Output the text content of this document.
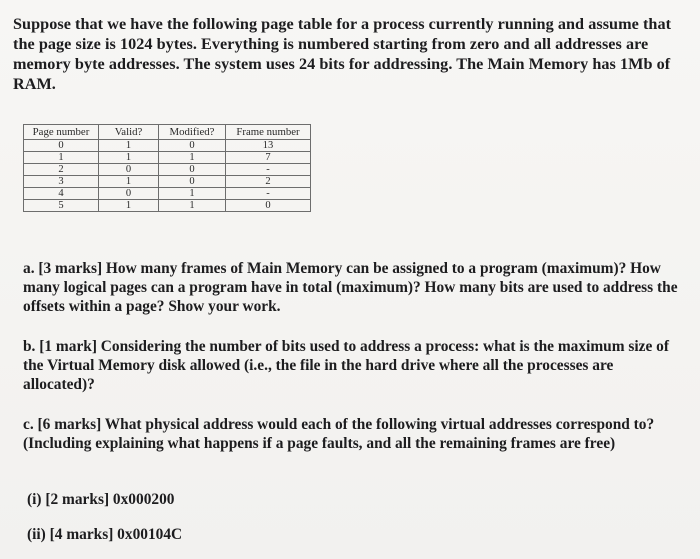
Suppose that we have the following page table for a process currently running and assume that the page size is 1024 bytes. Everything is numbered starting from zero and all addresses are memory byte addresses. The system uses 24 bits for addressing. The Main Memory has 1Mb of RAM.
Page number	Valid?	Modified?	Frame number
0	1	0	13
1	1	1	7
2	0	0	-
3	1	0	2
4	0	1	-
5	1	1	0
a. [3 marks] How many frames of Main Memory can be assigned to a program (maximum)? How many logical pages can a program have in total (maximum)? How many bits are used to address the offsets within a page? Show your work.
b. [1 mark] Considering the number of bits used to address a process: what is the maximum size of the Virtual Memory disk allowed (i.e., the file in the hard drive where all the processes are allocated)?
c. [6 marks] What physical address would each of the following virtual addresses correspond to? (Including explaining what happens if a page faults, and all the remaining frames are free)
(i) [2 marks] 0x000200
(ii) [4 marks] 0x00104C
